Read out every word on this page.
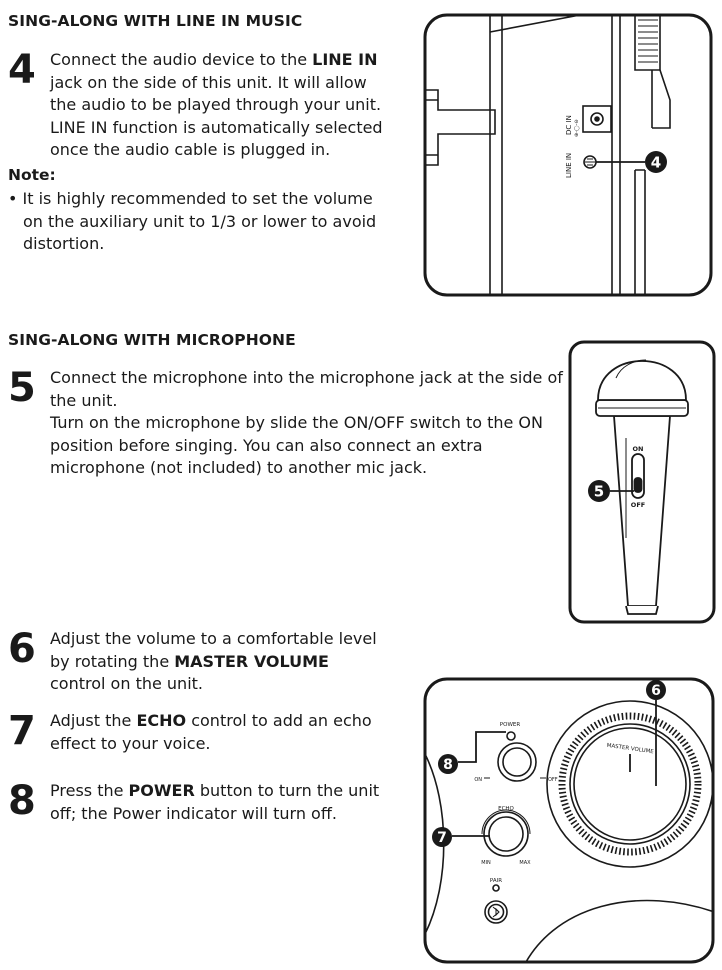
SING-ALONG WITH LINE IN MUSIC
4 Connect the audio device to the LINE IN
jack on the side of this unit. It will allow
the audio to be played through your unit.
LINE IN function is automatically selected
once the audio cable is plugged in.
Note:
• It is highly recommended to set the volume
on the auxiliary unit to 1/3 or lower to avoid
distortion.
DC IN ⊕-◯-⊖
LINE IN	4
SING-ALONG WITH MICROPHONE
5 Connect the microphone into the microphone jack at the side of
the unit.
Turn on the microphone by slide the ON/OFF switch to the ON
position before singing. You can also connect an extra
microphone (not included) to another mic jack.
ON
OFF
5
6 Adjust the volume to a comfortable level
by rotating the MASTER VOLUME
control on the unit.
7 Adjust the ECHO control to add an echo
effect to your voice.
8 Press the POWER button to turn the unit
off; the Power indicator will turn off.
POWER
ON	OFF
ECHO
MIN	MAX
PAIR
MASTER VOLUME
6
8
7
